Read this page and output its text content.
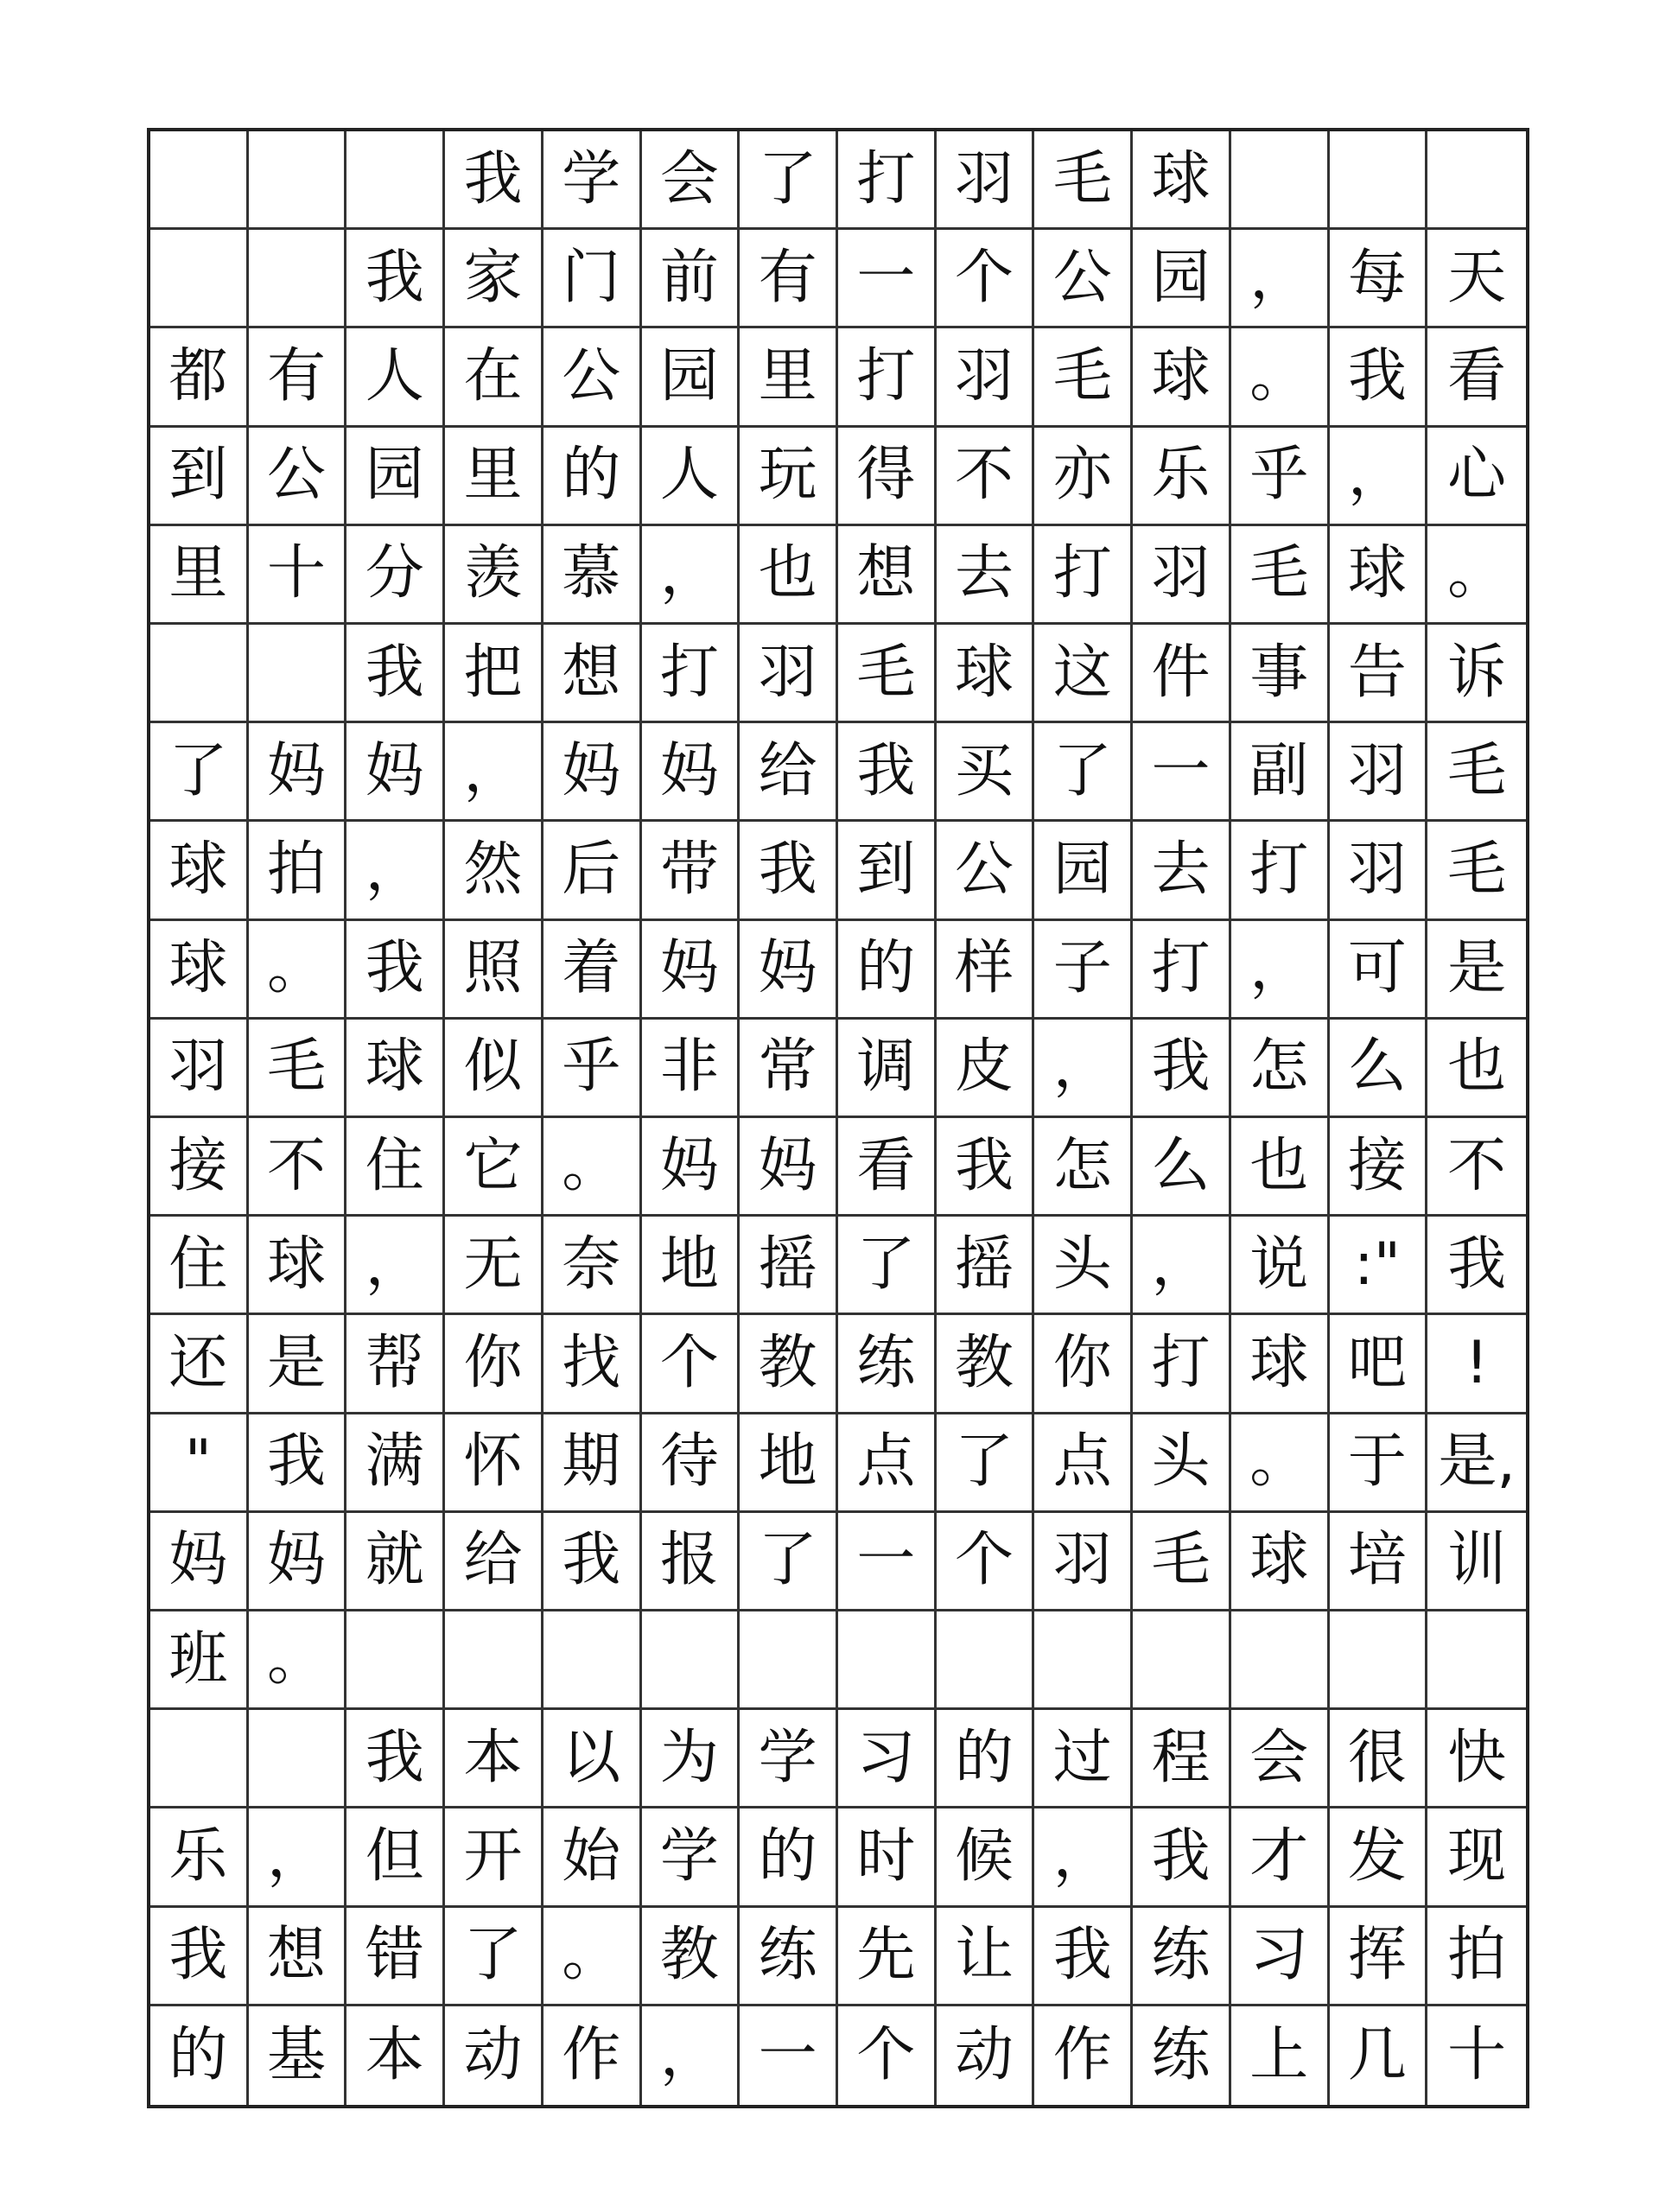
我 学 会 了 打 羽 毛 球
我 家 门 前 有 一 个 公 园 ， 每 天
都 有 人 在 公 园 里 打 羽 毛 球 。 我 看
到 公 园 里 的 人 玩 得 不 亦 乐 乎 ， 心
里 十 分 羡 慕 ， 也 想 去 打 羽 毛 球 。
我 把 想 打 羽 毛 球 这 件 事 告 诉
了 妈 妈 ， 妈 妈 给 我 买 了 一 副 羽 毛
球 拍 ， 然 后 带 我 到 公 园 去 打 羽 毛
球 。 我 照 着 妈 妈 的 样 子 打 ， 可 是
羽 毛 球 似 乎 非 常 调 皮 ， 我 怎 么 也
接 不 住 它 。 妈 妈 看 我 怎 么 也 接 不
住 球 ， 无 奈 地 摇 了 摇 头 ， 说 :" 我
还 是 帮 你 找 个 教 练 教 你 打 球 吧 !
" 我 满 怀 期 待 地 点 了 点 头 。 于 是,
妈 妈 就 给 我 报 了 一 个 羽 毛 球 培 训
班 。
我 本 以 为 学 习 的 过 程 会 很 快
乐 ， 但 开 始 学 的 时 候 ， 我 才 发 现
我 想 错 了 。 教 练 先 让 我 练 习 挥 拍
的 基 本 动 作 ， 一 个 动 作 练 上 几 十
